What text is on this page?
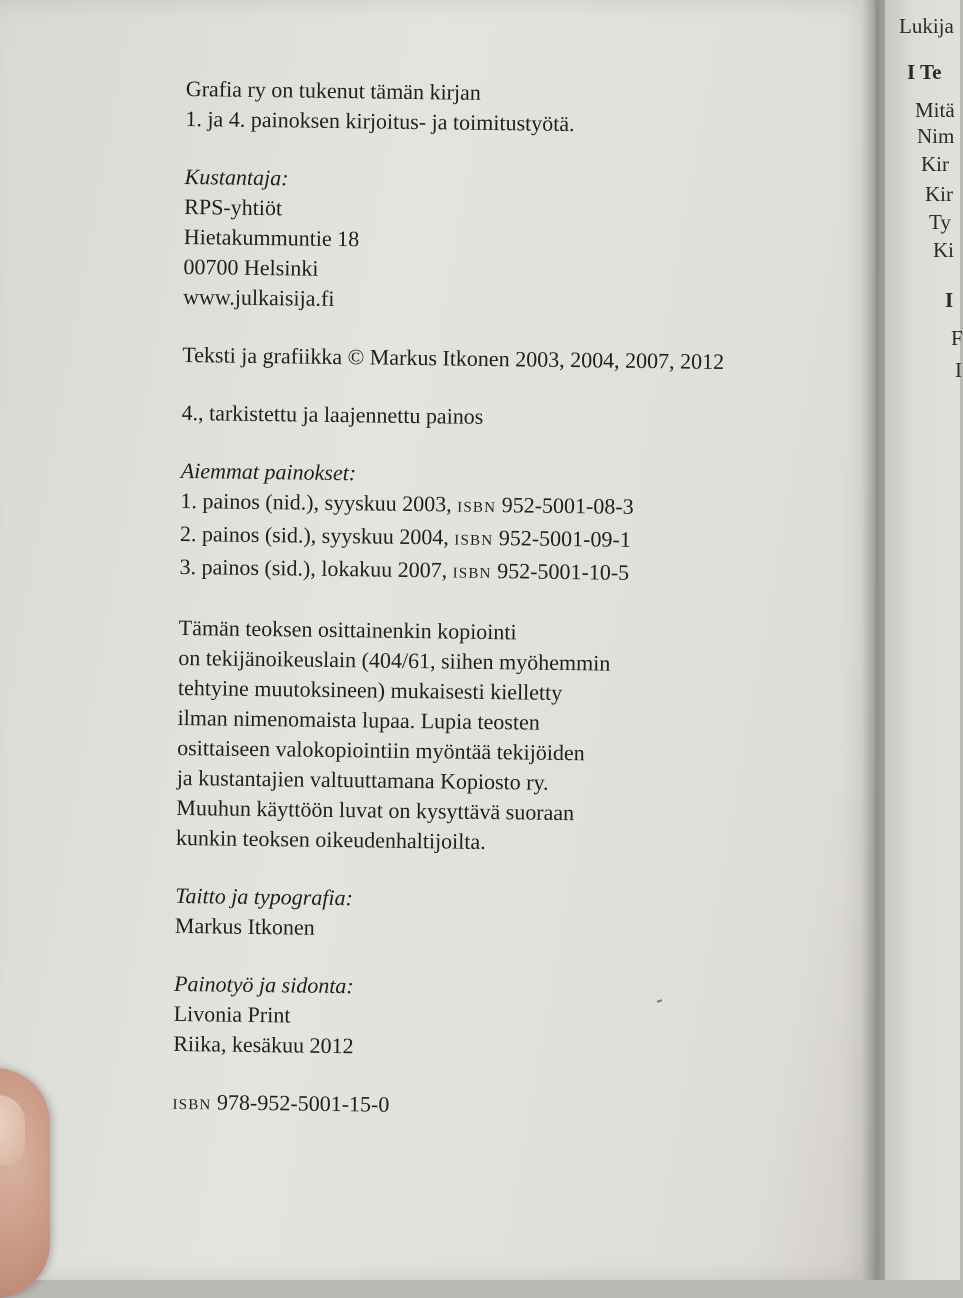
Grafia ry on tukenut tämän kirjan
1. ja 4. painoksen kirjoitus- ja toimitustyötä.
Kustantaja:
RPS-yhtiöt
Hietakummuntie 18
00700 Helsinki
www.julkaisija.fi
Teksti ja grafiikka © Markus Itkonen 2003, 2004, 2007, 2012
4., tarkistettu ja laajennettu painos
Aiemmat painokset:
1. painos (nid.), syyskuu 2003, ISBN 952-5001-08-3
2. painos (sid.), syyskuu 2004, ISBN 952-5001-09-1
3. painos (sid.), lokakuu 2007, ISBN 952-5001-10-5
Tämän teoksen osittainenkin kopiointi
on tekijänoikeuslain (404/61, siihen myöhemmin
tehtyine muutoksineen) mukaisesti kielletty
ilman nimenomaista lupaa. Lupia teosten
osittaiseen valokopiointiin myöntää tekijöiden
ja kustantajien valtuuttamana Kopiosto ry.
Muuhun käyttöön luvat on kysyttävä suoraan
kunkin teoksen oikeudenhaltijoilta.
Taitto ja typografia:
Markus Itkonen
Painotyö ja sidonta:
Livonia Print
Riika, kesäkuu 2012
ISBN 978-952-5001-15-0
Lukija
I Te
Mitä
Nim
Kir
Kir
Ty
Ki
I
F
I
